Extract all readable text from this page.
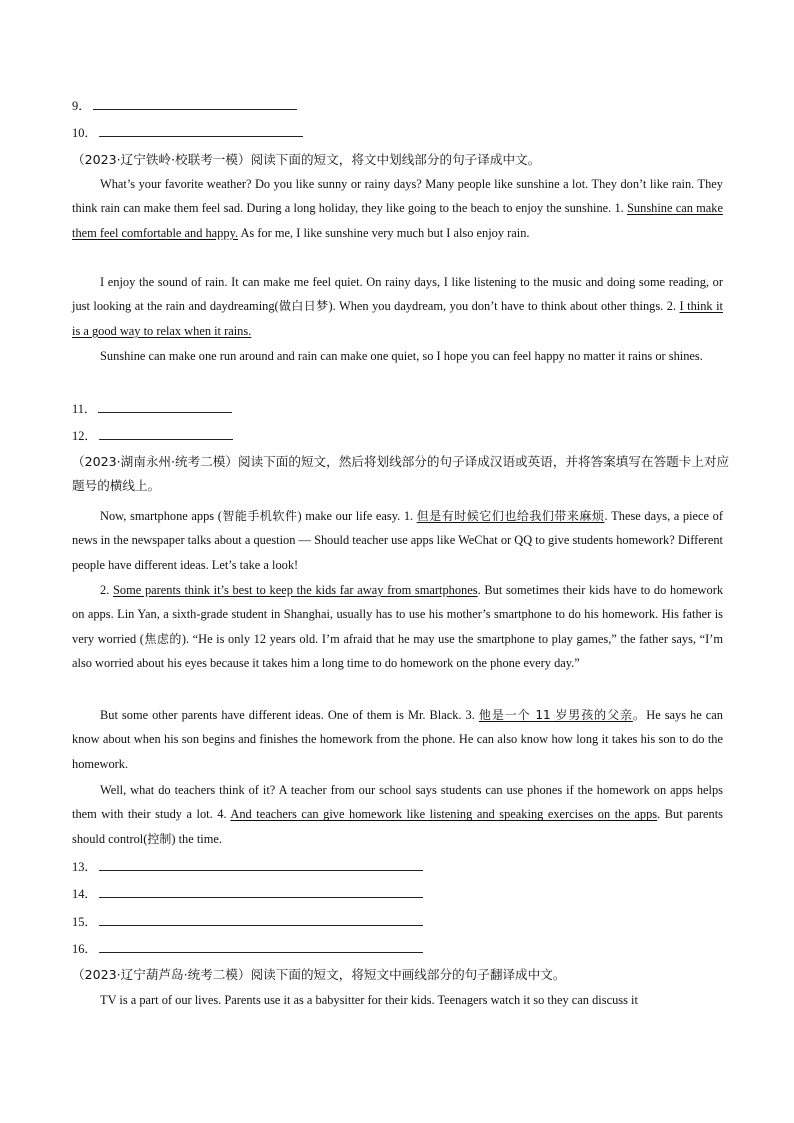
9．
10．
（2023·辽宁铁岭·校联考一模）阅读下面的短文，将文中划线部分的句子译成中文。
What’s your favorite weather? Do you like sunny or rainy days? Many people like sunshine a lot. They don’t like rain. They think rain can make them feel sad. During a long holiday, they like going to the beach to enjoy the sunshine. 1. Sunshine can make them feel comfortable and happy. As for me, I like sunshine very much but I also enjoy rain.
I enjoy the sound of rain. It can make me feel quiet. On rainy days, I like listening to the music and doing some reading, or just looking at the rain and daydreaming(做白日梦). When you daydream, you don’t have to think about other things. 2. I think it is a good way to relax when it rains.
Sunshine can make one run around and rain can make one quiet, so I hope you can feel happy no matter it rains or shines.
11．
12．
（2023·湖南永州·统考二模）阅读下面的短文，然后将划线部分的句子译成汉语或英语，并将答案填写在答题卡上对应题号的横线上。
Now, smartphone apps (智能手机软件) make our life easy. 1. 但是有时候它们也给我们带来麻烦. These days, a piece of news in the newspaper talks about a question — Should teacher use apps like WeChat or QQ to give students homework? Different people have different ideas. Let’s take a look!
2. Some parents think it’s best to keep the kids far away from smartphones. But sometimes their kids have to do homework on apps. Lin Yan, a sixth-grade student in Shanghai, usually has to use his mother’s smartphone to do his homework. His father is very worried (焦虑的). “He is only 12 years old. I’m afraid that he may use the smartphone to play games,” the father says, “I’m also worried about his eyes because it takes him a long time to do homework on the phone every day.”
But some other parents have different ideas. One of them is Mr. Black. 3. 他是一个 11 岁男孩的父亲。He says he can know about when his son begins and finishes the homework from the phone. He can also know how long it takes his son to do the homework.
Well, what do teachers think of it? A teacher from our school says students can use phones if the homework on apps helps them with their study a lot. 4. And teachers can give homework like listening and speaking exercises on the apps. But parents should control(控制) the time.
13．
14．
15．
16．
（2023·辽宁葫芦岛·统考二模）阅读下面的短文，将短文中画线部分的句子翻译成中文。
TV is a part of our lives. Parents use it as a babysitter for their kids. Teenagers watch it so they can discuss it
